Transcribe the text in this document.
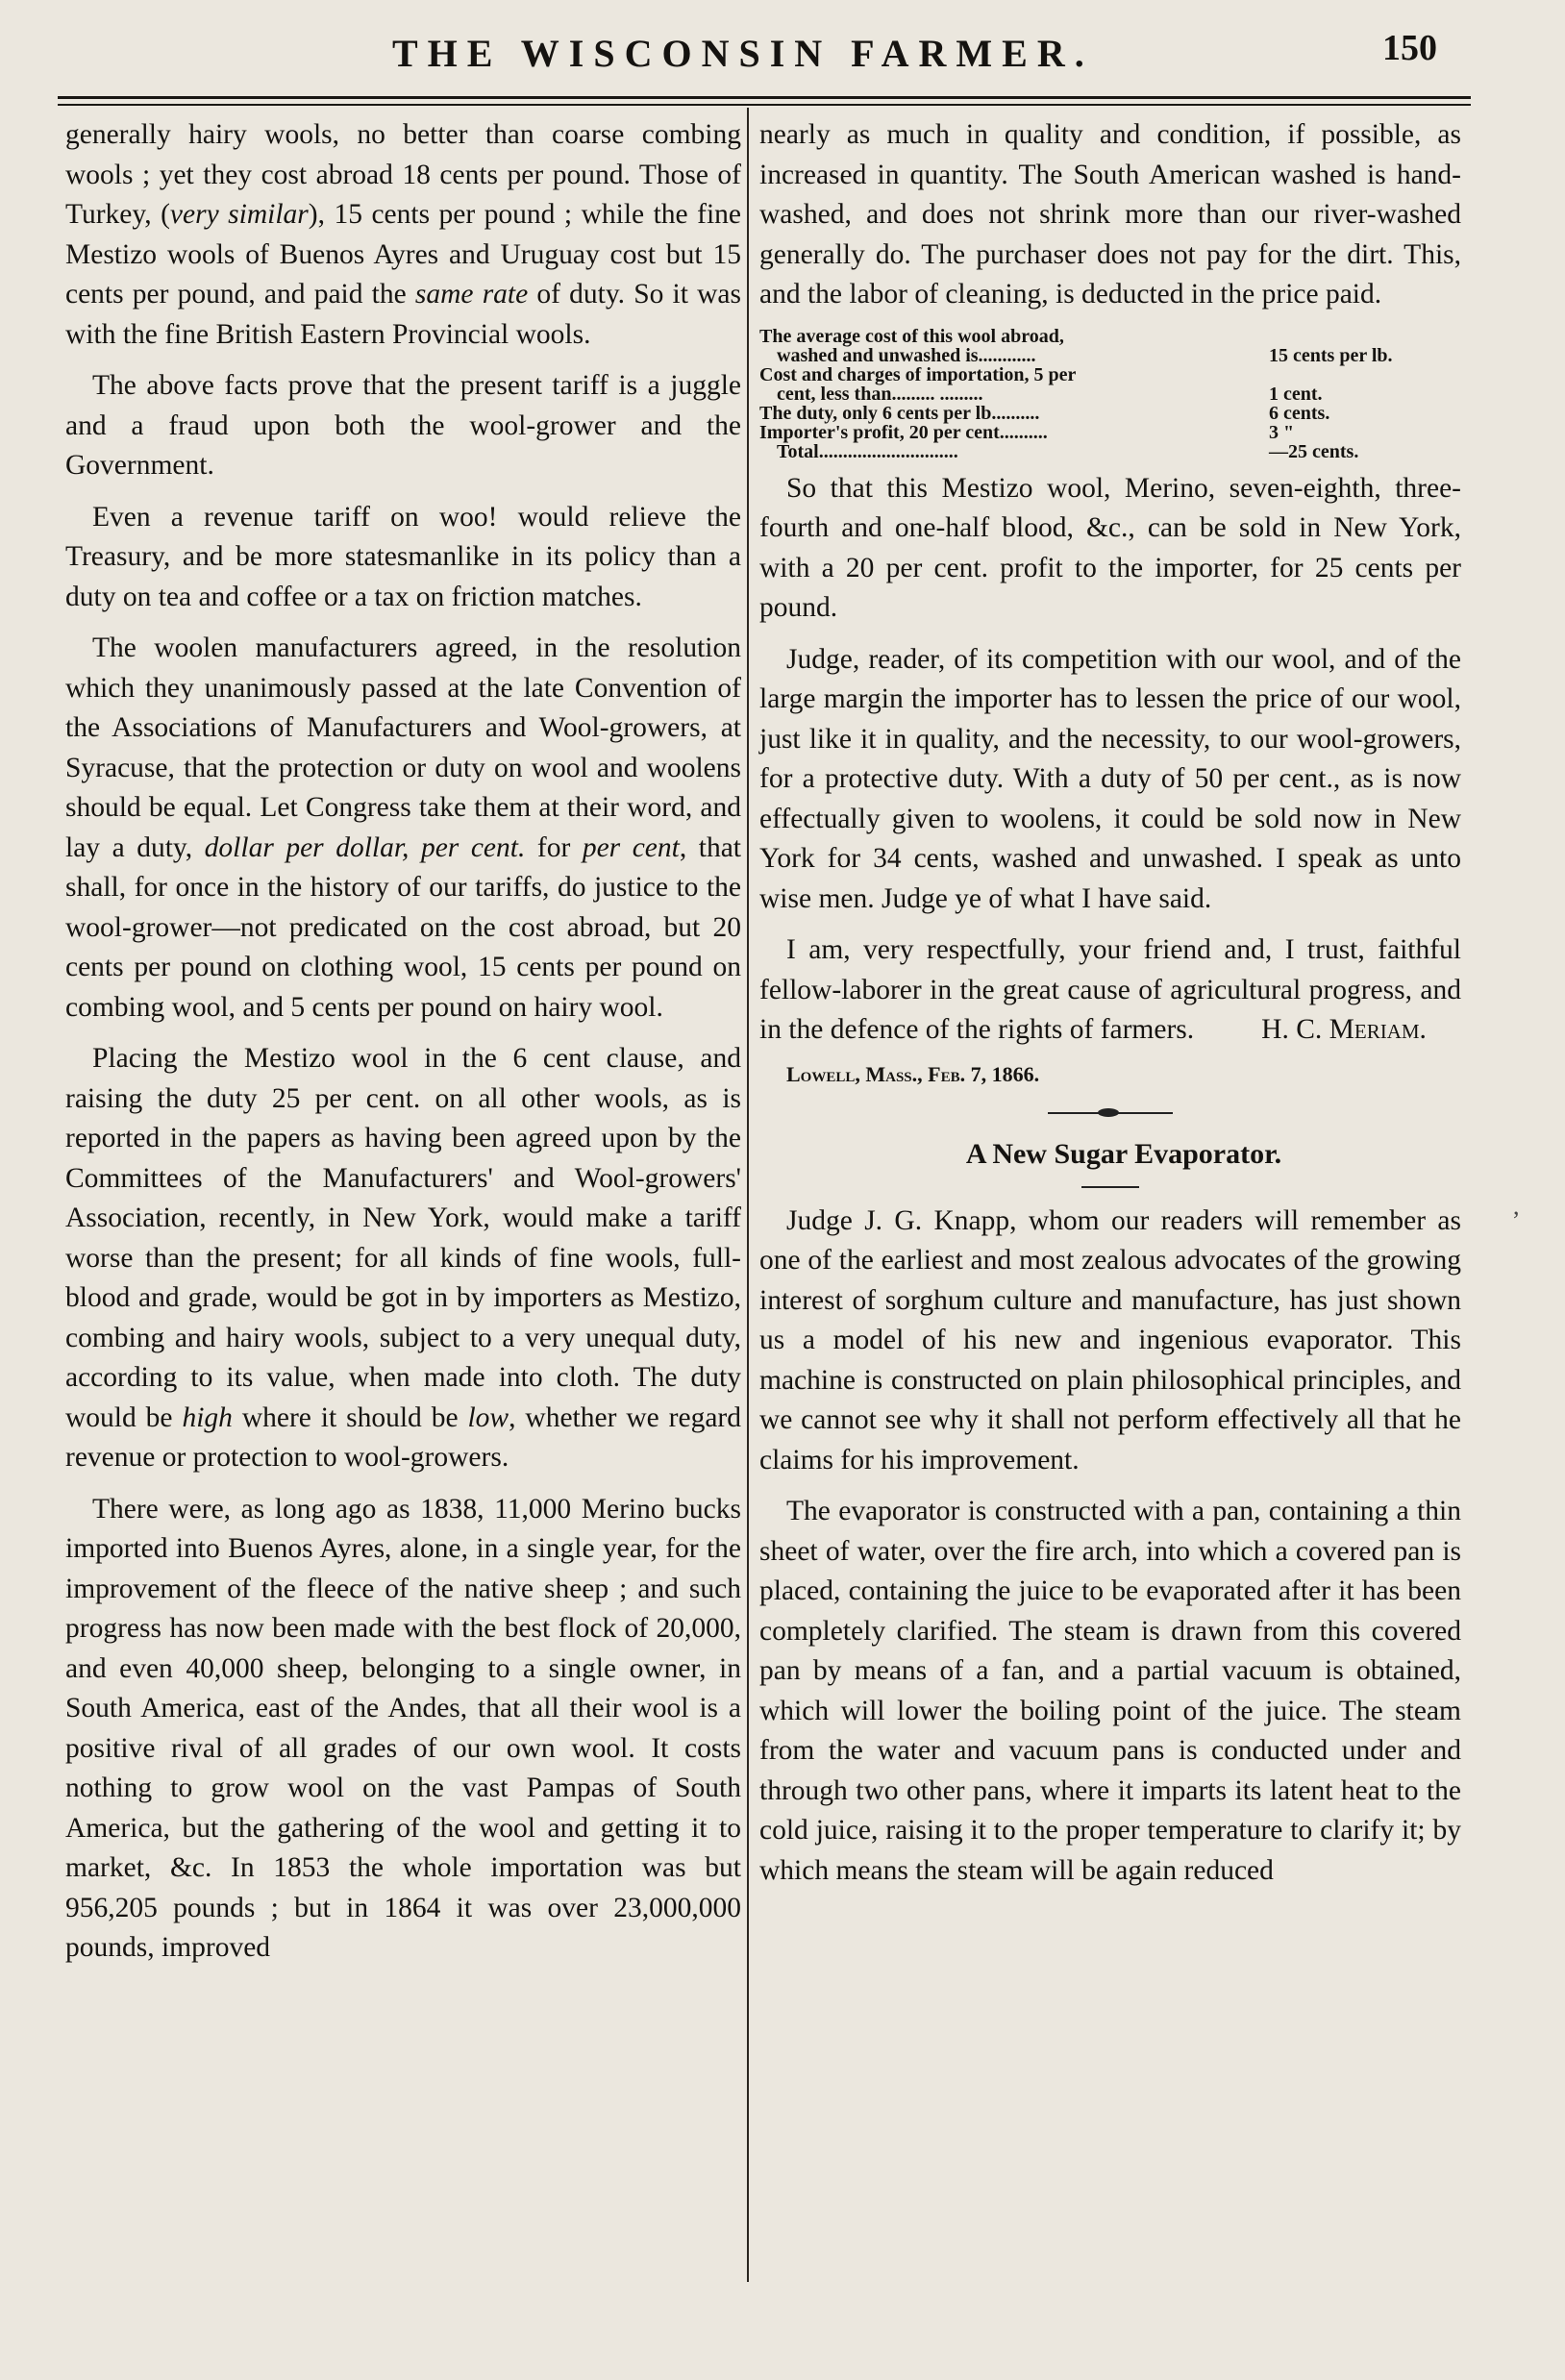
THE WISCONSIN FARMER.	150

generally hairy wools, no better than coarse combing wools ; yet they cost abroad 18 cents per pound. Those of Turkey, (very similar), 15 cents per pound ; while the fine Mestizo wools of Buenos Ayres and Uruguay cost but 15 cents per pound, and paid the same rate of duty. So it was with the fine British Eastern Provincial wools.

The above facts prove that the present tariff is a juggle and a fraud upon both the wool-grower and the Government.

Even a revenue tariff on woo! would relieve the Treasury, and be more statesmanlike in its policy than a duty on tea and coffee or a tax on friction matches.

The woolen manufacturers agreed, in the resolution which they unanimously passed at the late Convention of the Associations of Manufacturers and Wool-growers, at Syracuse, that the protection or duty on wool and woolens should be equal. Let Congress take them at their word, and lay a duty, dollar per dollar, per cent. for per cent, that shall, for once in the history of our tariffs, do justice to the wool-grower—not predicated on the cost abroad, but 20 cents per pound on clothing wool, 15 cents per pound on combing wool, and 5 cents per pound on hairy wool.

Placing the Mestizo wool in the 6 cent clause, and raising the duty 25 per cent. on all other wools, as is reported in the papers as having been agreed upon by the Committees of the Manufacturers' and Wool-growers' Association, recently, in New York, would make a tariff worse than the present; for all kinds of fine wools, full-blood and grade, would be got in by importers as Mestizo, combing and hairy wools, subject to a very unequal duty, according to its value, when made into cloth. The duty would be high where it should be low, whether we regard revenue or protection to wool-growers.

There were, as long ago as 1838, 11,000 Merino bucks imported into Buenos Ayres, alone, in a single year, for the improvement of the fleece of the native sheep ; and such progress has now been made with the best flock of 20,000, and even 40,000 sheep, belonging to a single owner, in South America, east of the Andes, that all their wool is a positive rival of all grades of our own wool. It costs nothing to grow wool on the vast Pampas of South America, but the gathering of the wool and getting it to market, &c. In 1853 the whole importation was but 956,205 pounds ; but in 1864 it was over 23,000,000 pounds, improved

nearly as much in quality and condition, if possible, as increased in quantity. The South American washed is hand-washed, and does not shrink more than our river-washed generally do. The purchaser does not pay for the dirt. This, and the labor of cleaning, is deducted in the price paid.

The average cost of this wool abroad,
washed and unwashed is............	15 cents per lb.
Cost and charges of importation, 5 per
cent, less than......... .........	1 cent.
The duty, only 6 cents per lb..........	6 cents.
Importer's profit, 20 per cent..........	3 "
Total.............................	—25 cents.

So that this Mestizo wool, Merino, seven-eighth, three-fourth and one-half blood, &c., can be sold in New York, with a 20 per cent. profit to the importer, for 25 cents per pound.

Judge, reader, of its competition with our wool, and of the large margin the importer has to lessen the price of our wool, just like it in quality, and the necessity, to our wool-growers, for a protective duty. With a duty of 50 per cent., as is now effectually given to woolens, it could be sold now in New York for 34 cents, washed and unwashed. I speak as unto wise men. Judge ye of what I have said.

I am, very respectfully, your friend and, I trust, faithful fellow-laborer in the great cause of agricultural progress, and in the defence of the rights of farmers. H. C. Meriam.

Lowell, Mass., Feb. 7, 1866.

A New Sugar Evaporator.

Judge J. G. Knapp, whom our readers will remember as one of the earliest and most zealous advocates of the growing interest of sorghum culture and manufacture, has just shown us a model of his new and ingenious evaporator. This machine is constructed on plain philosophical principles, and we cannot see why it shall not perform effectively all that he claims for his improvement.

The evaporator is constructed with a pan, containing a thin sheet of water, over the fire arch, into which a covered pan is placed, containing the juice to be evaporated after it has been completely clarified. The steam is drawn from this covered pan by means of a fan, and a partial vacuum is obtained, which will lower the boiling point of the juice. The steam from the water and vacuum pans is conducted under and through two other pans, where it imparts its latent heat to the cold juice, raising it to the proper temperature to clarify it; by which means the steam will be again reduced

,
